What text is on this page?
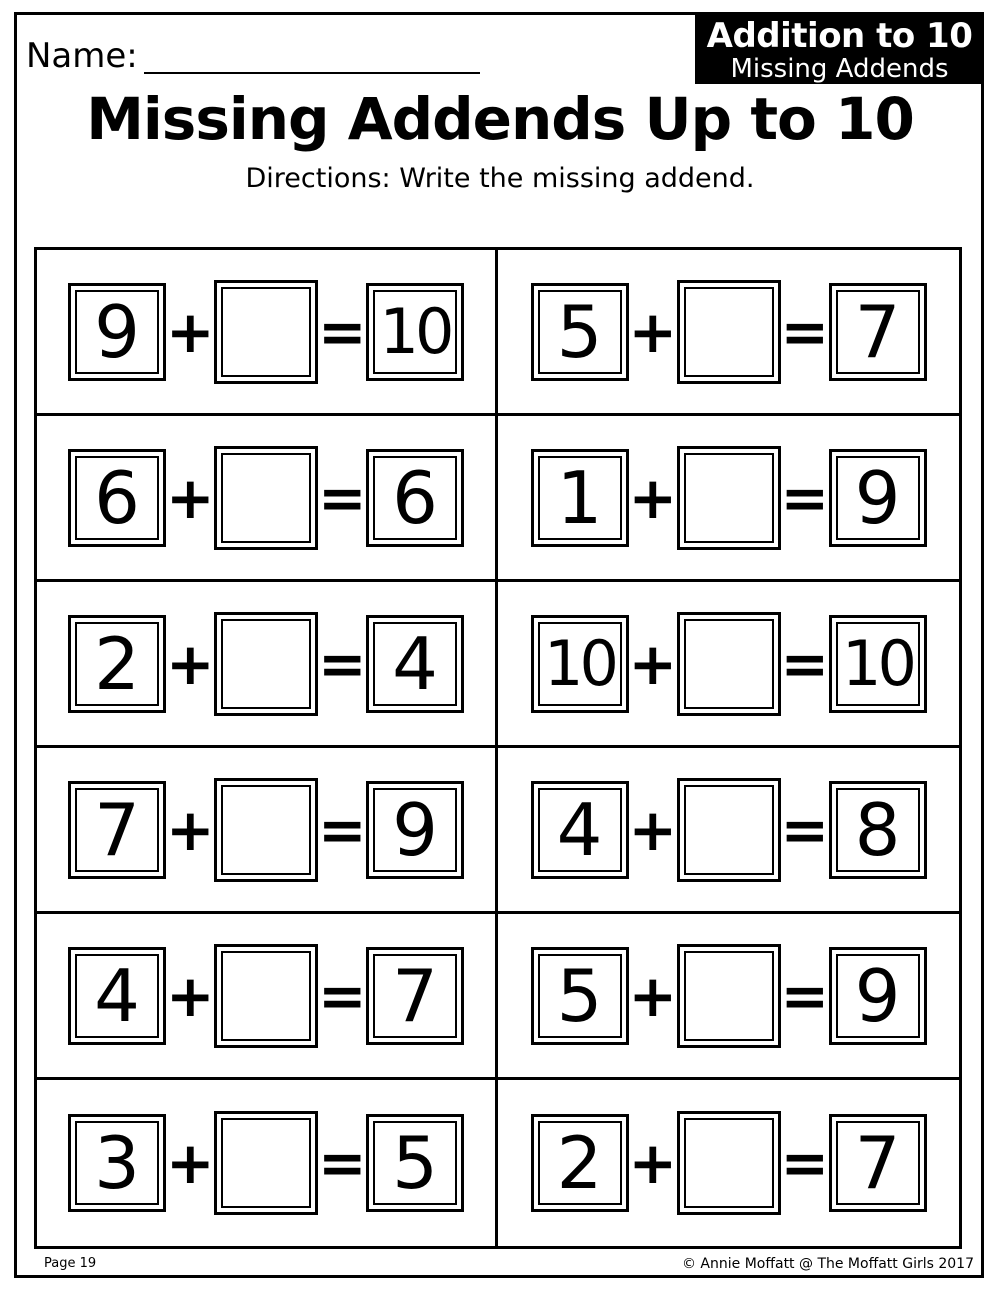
Name:	Addition to 10
Missing Addends
Missing Addends Up to 10
Directions: Write the missing addend.
9 + = 10 5 + = 7
6 + = 6 1 + = 9
2 + = 4 10 + = 10
7 + = 9 4 + = 8
4 + = 7 5 + = 9
3 + = 5 2 + = 7
Page 19	© Annie Moffatt @ The Moffatt Girls 2017
